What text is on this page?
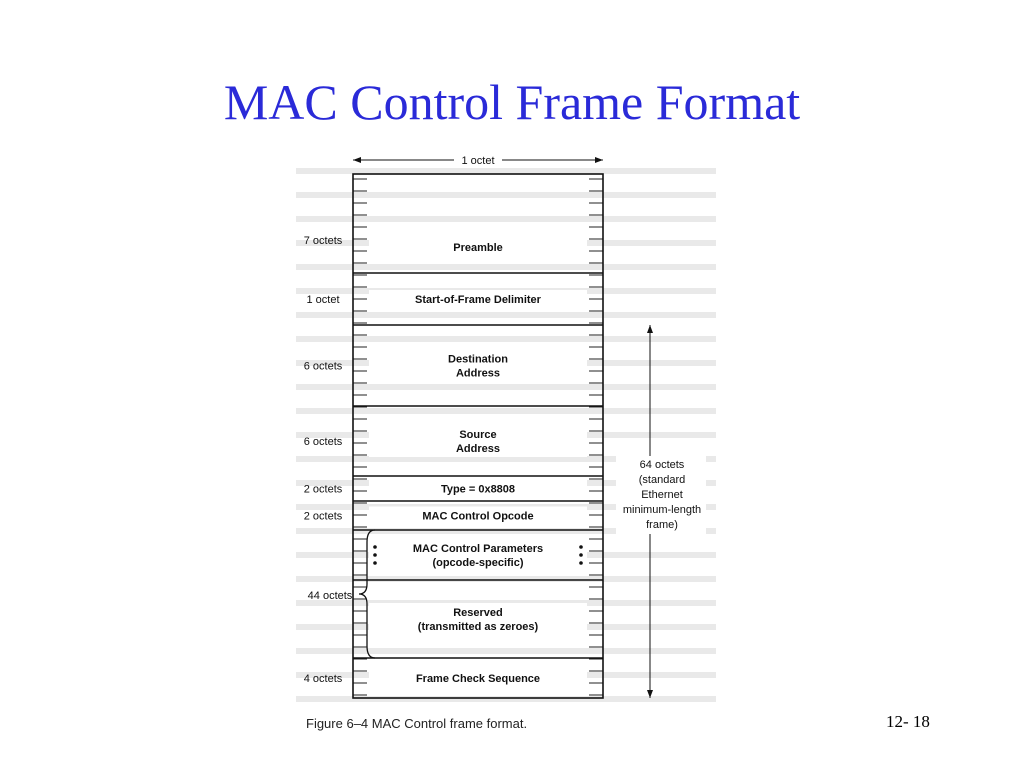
MAC Control Frame Format
Preamble
Start-of-Frame Delimiter
Destination
Address
Source
Address
Type = 0x8808
MAC Control Opcode
MAC Control Parameters
(opcode-specific)
Reserved
(transmitted as zeroes)
Frame Check Sequence
7 octets
1 octet
6 octets
6 octets
2 octets
2 octets
4 octets
1 octet
64 octets
(standard
Ethernet
minimum-length
frame)
44 octets
Figure 6–4 MAC Control frame format.	12- 18
